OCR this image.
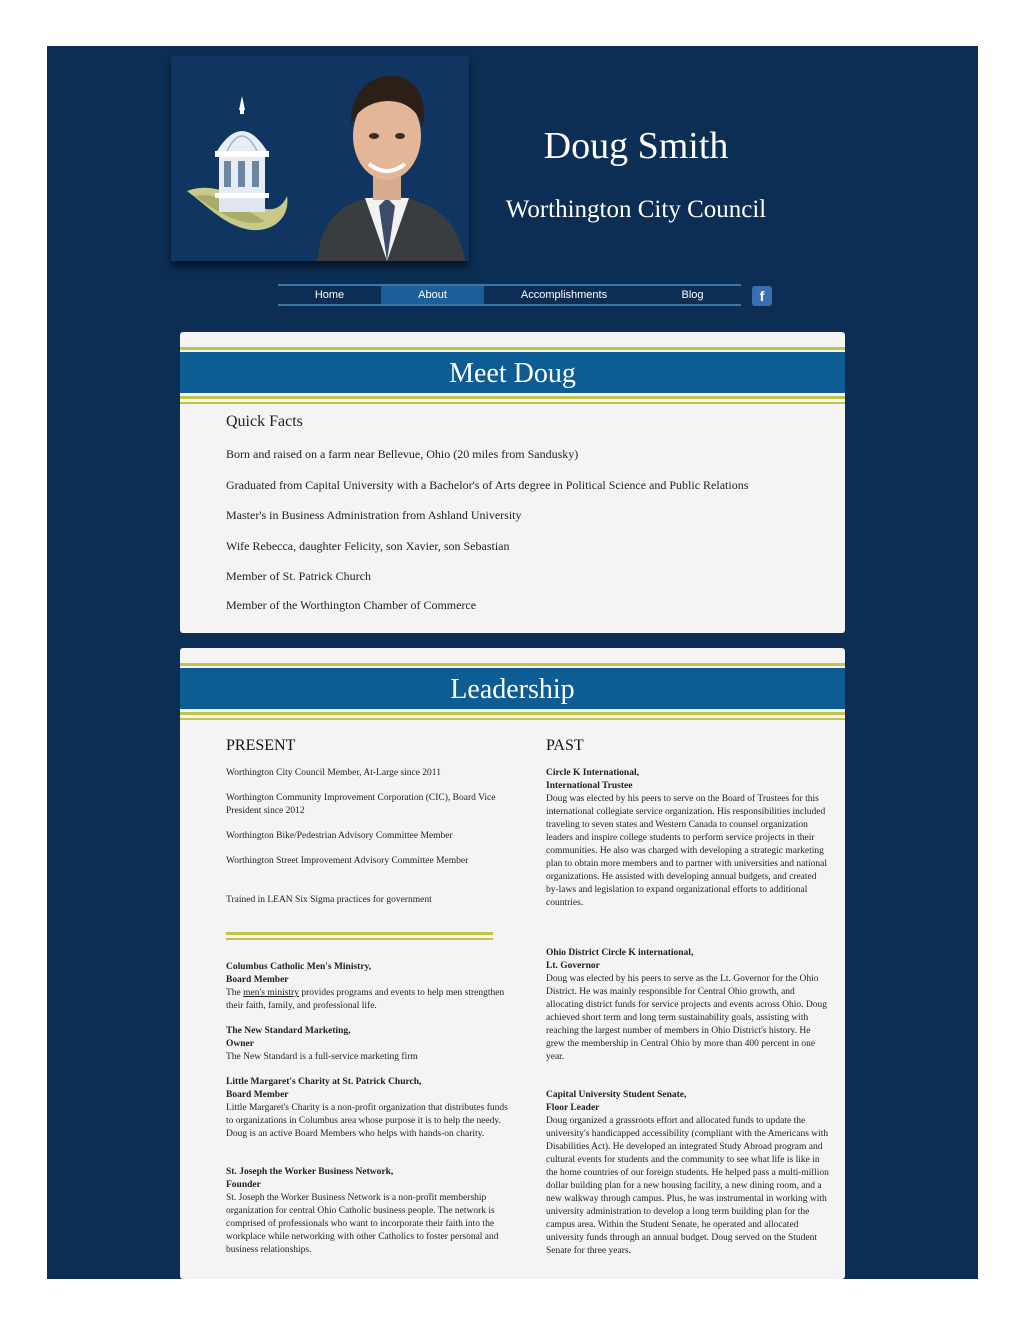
Doug Smith
Worthington City Council
Home	About	Accomplishments	Blog	f
Meet Doug
Quick Facts
Born and raised on a farm near Bellevue, Ohio (20 miles from Sandusky)
Graduated from Capital University with a Bachelor's of Arts degree in Political Science and Public Relations
Master's in Business Administration from Ashland University
Wife Rebecca, daughter Felicity, son Xavier, son Sebastian
Member of St. Patrick Church
Member of the Worthington Chamber of Commerce
Leadership
PRESENT	PAST
Worthington City Council Member, At-Large since 2011
Worthington Community Improvement Corporation (CIC), Board Vice President since 2012
Worthington Bike/Pedestrian Advisory Committee Member
Worthington Street Improvement Advisory Committee Member
Trained in LEAN Six Sigma practices for government
Columbus Catholic Men's Ministry,
Board Member
The men's ministry provides programs and events to help men strengthen their faith, family, and professional life.
The New Standard Marketing,
Owner
The New Standard is a full-service marketing firm
Little Margaret's Charity at St. Patrick Church,
Board Member
Little Margaret's Charity is a non-profit organization that distributes funds to organizations in Columbus area whose purpose it is to help the needy. Doug is an active Board Members who helps with hands-on charity.
St. Joseph the Worker Business Network,
Founder
St. Joseph the Worker Business Network is a non-profit membership organization for central Ohio Catholic business people. The network is comprised of professionals who want to incorporate their faith into the workplace while networking with other Catholics to foster personal and business relationships.
Circle K International,
International Trustee
Doug was elected by his peers to serve on the Board of Trustees for this international collegiate service organization. His responsibilities included traveling to seven states and Western Canada to counsel organization leaders and inspire college students to perform service projects in their communities. He also was charged with developing a strategic marketing plan to obtain more members and to partner with universities and national organizations. He assisted with developing annual budgets, and created by-laws and legislation to expand organizational efforts to additional countries.
Ohio District Circle K international,
Lt. Governor
Doug was elected by his peers to serve as the Lt. Governor for the Ohio District. He was mainly responsible for Central Ohio growth, and allocating district funds for service projects and events across Ohio. Doug achieved short term and long term sustainability goals, assisting with reaching the largest number of members in Ohio District's history. He grew the membership in Central Ohio by more than 400 percent in one year.
Capital University Student Senate,
Floor Leader
Doug organized a grassroots effort and allocated funds to update the university's handicapped accessibility (compliant with the Americans with Disabilities Act). He developed an integrated Study Abroad program and cultural events for students and the community to see what life is like in the home countries of our foreign students. He helped pass a multi-million dollar building plan for a new housing facility, a new dining room, and a new walkway through campus. Plus, he was instrumental in working with university administration to develop a long term building plan for the campus area. Within the Student Senate, he operated and allocated university funds through an annual budget. Doug served on the Student Senate for three years.
